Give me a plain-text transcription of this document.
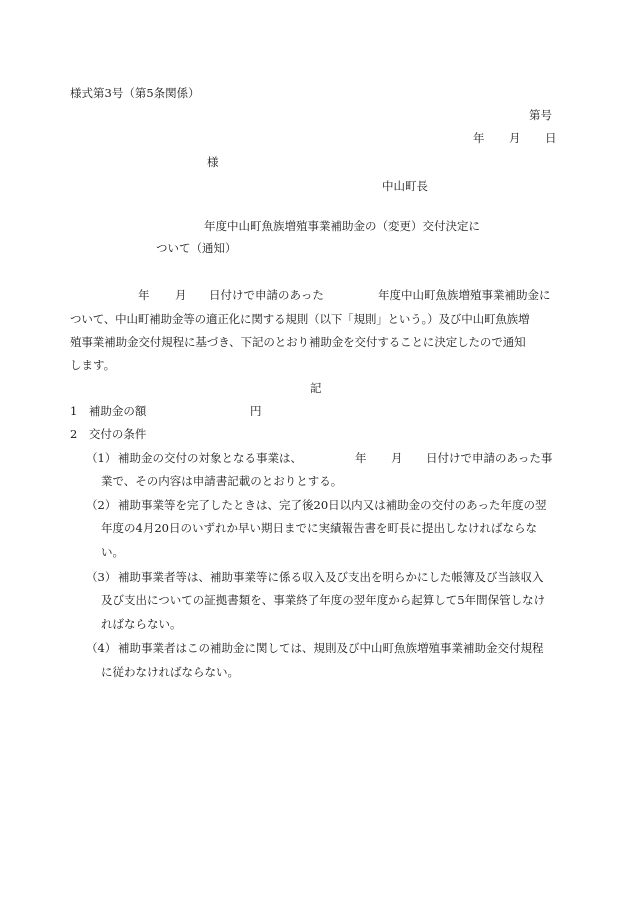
様式第3号（第5条関係）
第号
年 月 日
様
中山町長
年度中山町魚族増殖事業補助金の（変更）交付決定に
ついて（通知）
年 月 日付けで申請のあった	年度中山町魚族増殖事業補助金に
ついて、中山町補助金等の適正化に関する規則（以下「規則」という。）及び中山町魚族増
殖事業補助金交付規程に基づき、下記のとおり補助金を交付することに決定したので通知
します。
記
1　補助金の額	円
2　交付の条件
（1） 補助金の交付の対象となる事業は、	年 月 日付けで申請のあった事
業で、その内容は申請書記載のとおりとする。
（2） 補助事業等を完了したときは、完了後20日以内又は補助金の交付のあった年度の翌
年度の4月20日のいずれか早い期日までに実績報告書を町長に提出しなければならな
い。
（3） 補助事業者等は、補助事業等に係る収入及び支出を明らかにした帳簿及び当該収入
及び支出についての証拠書類を、事業終了年度の翌年度から起算して5年間保管しなけ
ればならない。
（4） 補助事業者はこの補助金に関しては、規則及び中山町魚族増殖事業補助金交付規程
に従わなければならない。
